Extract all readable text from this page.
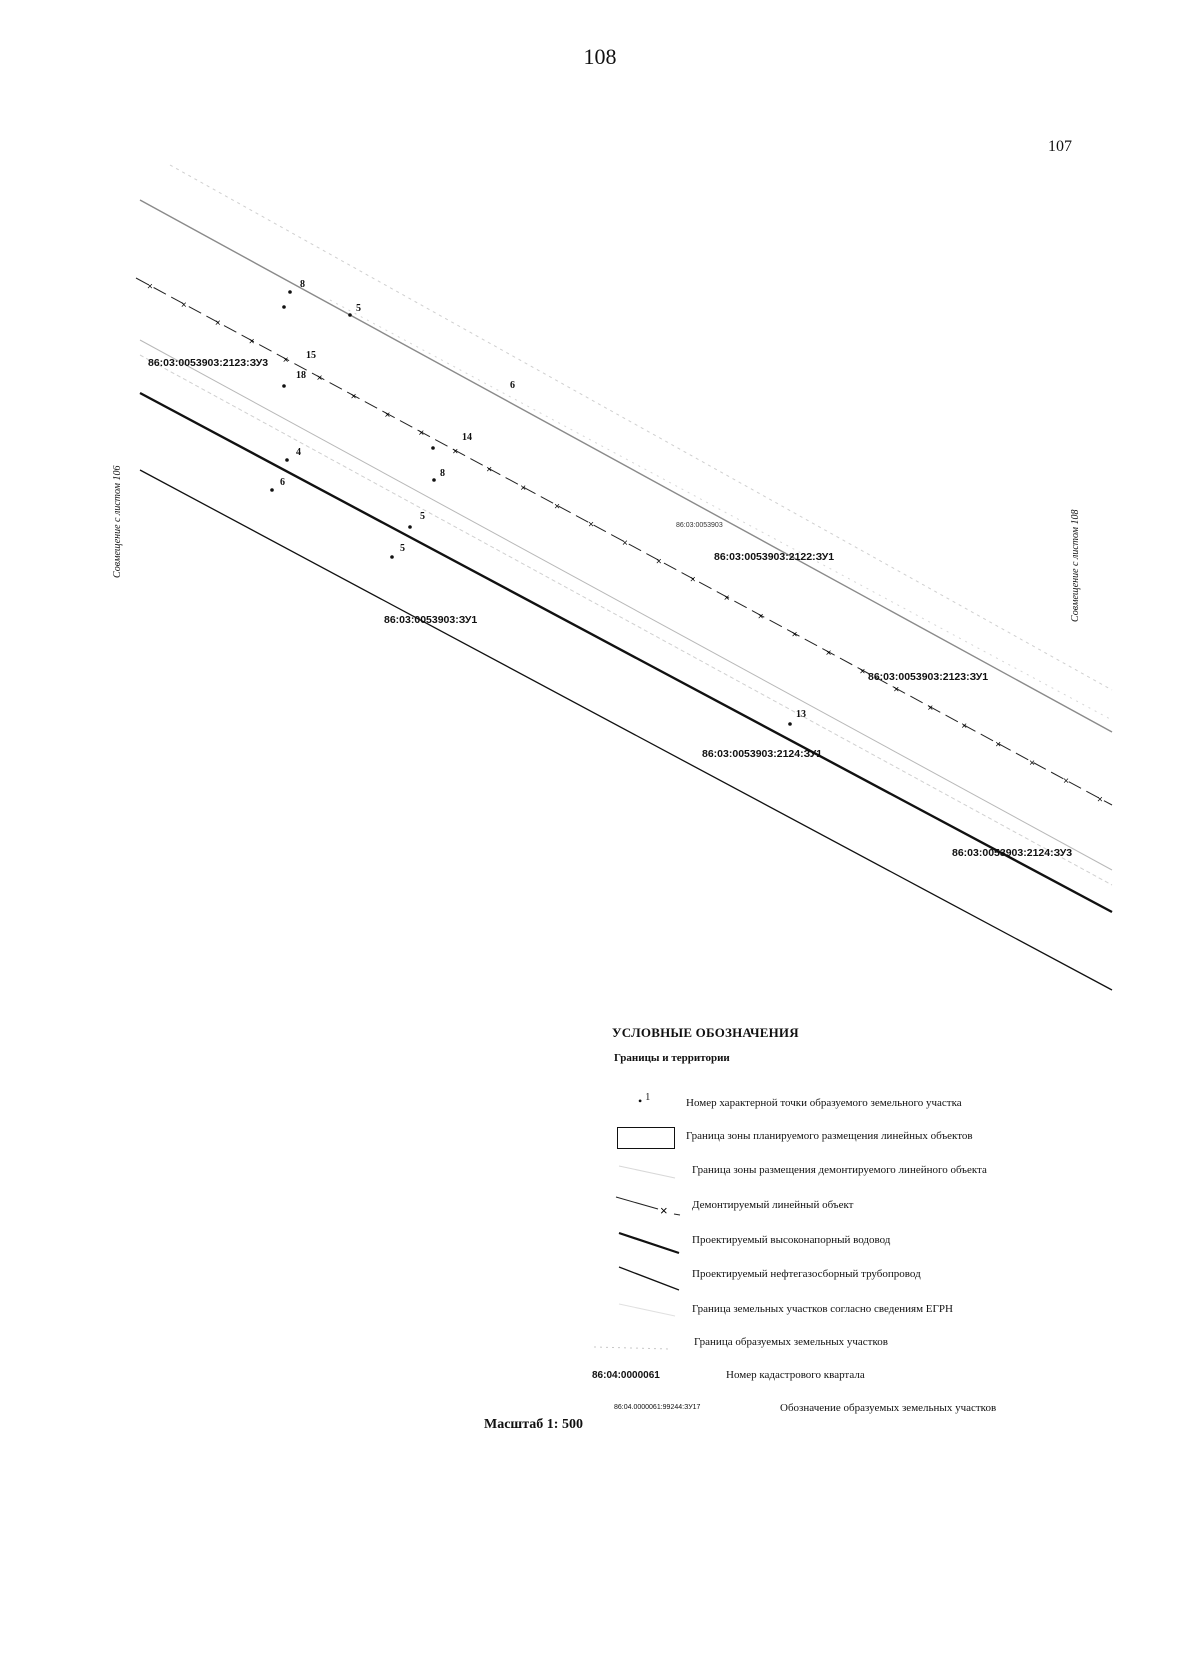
108
107
×
×
×
×
×
×
×
×
×
×
×
×
×
×
×
×
×
×
×
×
×
×
×
×
×
×
×
×
×
86:03:0053903:2123:ЗУ3
86:03:0053903:2122:ЗУ1
86:03:0053903:ЗУ1
86:03:0053903:2123:ЗУ1
86:03:0053903:2124:ЗУ1
86:03:0053903:2124:ЗУ3
86:03:0053903
8
5
15
18
6
14
4
6
8
5
5
13
Совмещение с листом 106	Совмещение с листом 108
УСЛОВНЫЕ ОБОЗНАЧЕНИЯ
Границы и территории
• $^1$	Номер характерной точки образуемого земельного участка
Граница зоны планируемого размещения линейных объектов
Граница зоны размещения демонтируемого линейного объекта
× Демонтируемый линейный объект
Проектируемый высоконапорный водовод
Проектируемый нефтегазосборный трубопровод
Граница земельных участков согласно сведениям ЕГРН
Граница образуемых земельных участков
86:04:0000061	Номер кадастрового квартала
86:04.0000061:99244:ЗУ17	Обозначение образуемых земельных участков
Масштаб 1: 500
